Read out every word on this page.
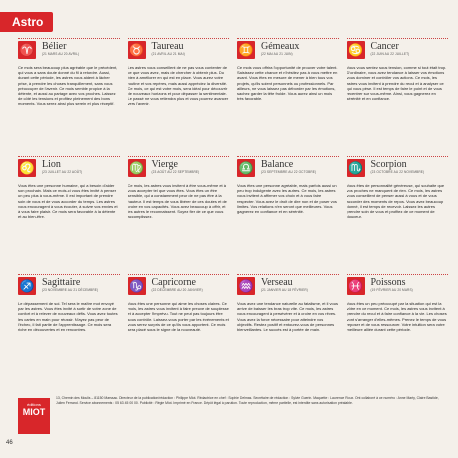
Astro
♈ Bélier
(21 MARS AU 20 AVRIL)

Ce mois sera beaucoup plus agréable que le précédent, qui vous a sans doute donné du fil à retordre. Aussi, durant cette période, les astres vous aident à lâcher prise, à prendre les choses tranquillement, sans vous préoccuper de l'avenir. Ce mois semble propice à la détente, et aussi au partage avec vos proches. Laissez de côté les tensions et profitez pleinement des bons moments. Vous serez ainsi plus serein et plus réceptif.

♉ Taureau
(21 AVRIL AU 21 MAI)

Les astres vous conseillent de ne pas vous contenter de ce que vous avez, mais de chercher à obtenir plus. Du bien à améliorer en qui est en place. Vous aurez votre routine et vos repères, mais aussi appréciez la diversité. Ce mois, ce qui est votre mois, sera idéal pour découvrir de nouveaux horizons et pour dépasser la sentimentale. Le passé ne vous retiendra plus et vous pourrez avancer vers l'avenir.

♊ Gémeaux
(22 MAI AU 21 JUIN)

Ce mois vous offrira l'opportunité de prouver votre talent. Saisissez cette chance et n'hésitez pas à vous mettre en avant. Vous êtes en mesure de mener à bien tous vos projets, qu'ils soient personnels ou professionnels. Par ailleurs, ne vous laissez pas déborder par les émotions, sachez garder la tête froide. Vous aurez ainsi un mois très favorable.

♋ Cancer
(22 JUIN AU 22 JUILLET)

Vous vous sentez sous tension, comme si tout était trop. D'ordinaire, vous avez tendance à laisser vos émotions vous dominer et contrôler vos actions. Ce mois, les astres vous invitent à prendre du recul et à analyser ce qui vous pèse. Il est temps de faire le point et de vous recentrer sur vous-même. Ainsi, vous gagnerez en sérénité et en confiance.

♌ Lion
(23 JUILLET AU 22 AOÛT)

Vous êtes une personne humaine, qui a besoin d'aider son prochain. Mais ce mois-ci vous êtes invité à penser un peu plus à vous-même. Il est important de prendre soin de vous et de vous accorder du temps. Les astres vous encouragent à vous écouter, à suivre vos envies et à vous faire plaisir. Ce mois sera favorable à la détente et au bien-être.

♍ Vierge
(23 AOÛT AU 22 SEPTEMBRE)

Ce mois, les astres vous invitent à être vous-même et à vous accepter tel que vous êtes. Vous êtes un être sensible, qui a constamment peur de ne pas être à la hauteur. Il est temps de vous libérer de ces doutes et de croire en vos capacités. Vous avez beaucoup à offrir, et les autres le reconnaissent. Soyez fier de ce que vous accomplissez.

♎ Balance
(23 SEPTEMBRE AU 22 OCTOBRE)

Vous êtes une personne agréable, mais parfois aussi un peu trop indulgente avec les autres. Ce mois, les astres vous invitent à affirmer vos choix et à vous faire respecter. Vous avez le droit de dire non et de poser vos limites. Vos relations n'en seront que meilleures. Vous gagnerez en confiance et en sérénité.

♏ Scorpion
(23 OCTOBRE AU 22 NOVEMBRE)

Vous êtes de personnalité généreuse, qui souhaite que vos proches ne manquent de rien. Ce mois, les astres vous conseillent de penser aussi à vous et de vous accorder des moments de repos. Vous avez beaucoup donné, il est temps de recevoir. Laissez les autres prendre soin de vous et profitez de ce moment de douceur.

♐ Sagittaire
(23 NOVEMBRE AU 21 DÉCEMBRE)

Le dépassement de soi. Tel sera le maître mot envoyé par les astres. Vous êtes invité à sortir de votre zone de confort et à relever de nouveaux défis. Vous avez toutes les cartes en main pour réussir. N'ayez pas peur de l'échec, il fait partie de l'apprentissage. Ce mois sera riche en découvertes et en rencontres.

♑ Capricorne
(22 DÉCEMBRE AU 20 JANVIER)

Vous êtes une personne qui aime les choses claires. Ce mois, les astres vous invitent à faire preuve de souplesse et à accepter l'imprévu. Tout ne peut pas toujours être sous contrôle. Laissez-vous porter par les événements et vous serez surpris de ce qu'ils vous apportent. Ce mois sera placé sous le signe de la nouveauté.

♒ Verseau
(21 JANVIER AU 18 FÉVRIER)

Vous avez une tendance naturelle au fatalisme, et il vous arrive de baisser les bras trop vite. Ce mois, les astres vous encouragent à persévérer et à croire en vos rêves. Vous avez la force nécessaire pour atteindre vos objectifs. Restez positif et entourez-vous de personnes bienveillantes. Le succès est à portée de main.

♓ Poissons
(19 FÉVRIER AU 20 MARS)

Vous êtes un peu préoccupé par la situation qui est la vôtre en ce moment. Ce mois, les astres vous invitent à prendre du recul et à faire confiance à la vie. Les choses vont s'arranger d'elles-mêmes. Prenez le temps de vous reposer et de vous ressourcer. Votre intuition sera votre meilleure alliée durant cette période.

éditions
MIOT
13, Chemin des Moulis – 81150 Marssac. Directeur de la publication/rédaction : Philippe Miot. Rédactrice en chef : Sophie Delmas. Secrétaire de rédaction : Sylvie Guerin. Maquette : Laurence Roux. Ont collaboré à ce numéro : Anne Marty, Claire Bastide, Julien Ferrand. Service abonnements : 05 63 45 00 00. Publicité : Régie Miot. Imprimé en France. Dépôt légal à parution. Toute reproduction, même partielle, est interdite sans autorisation préalable.
46
